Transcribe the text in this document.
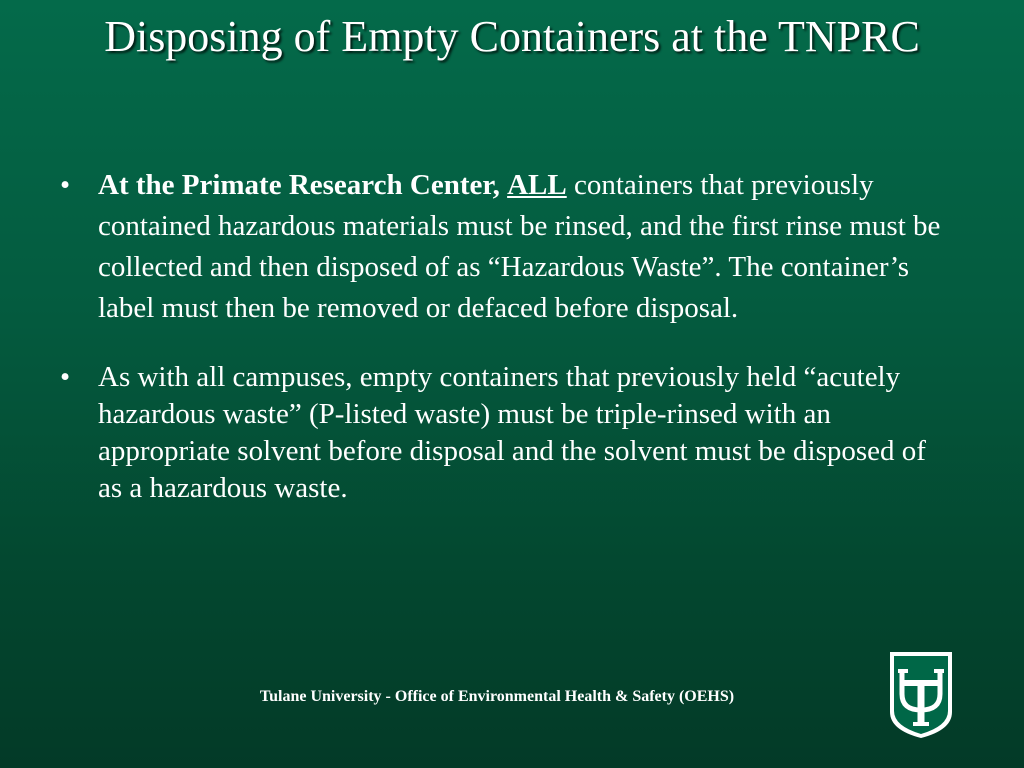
Disposing of Empty Containers at the TNPRC
• At the Primate Research Center, ALL containers that previously contained hazardous materials must be rinsed, and the first rinse must be collected and then disposed of as “Hazardous Waste”. The container’s label must then be removed or defaced before disposal.
• As with all campuses, empty containers that previously held “acutely hazardous waste” (P-listed waste) must be triple-rinsed with an appropriate solvent before disposal and the solvent must be disposed of as a hazardous waste.
Tulane University - Office of Environmental Health & Safety (OEHS)
